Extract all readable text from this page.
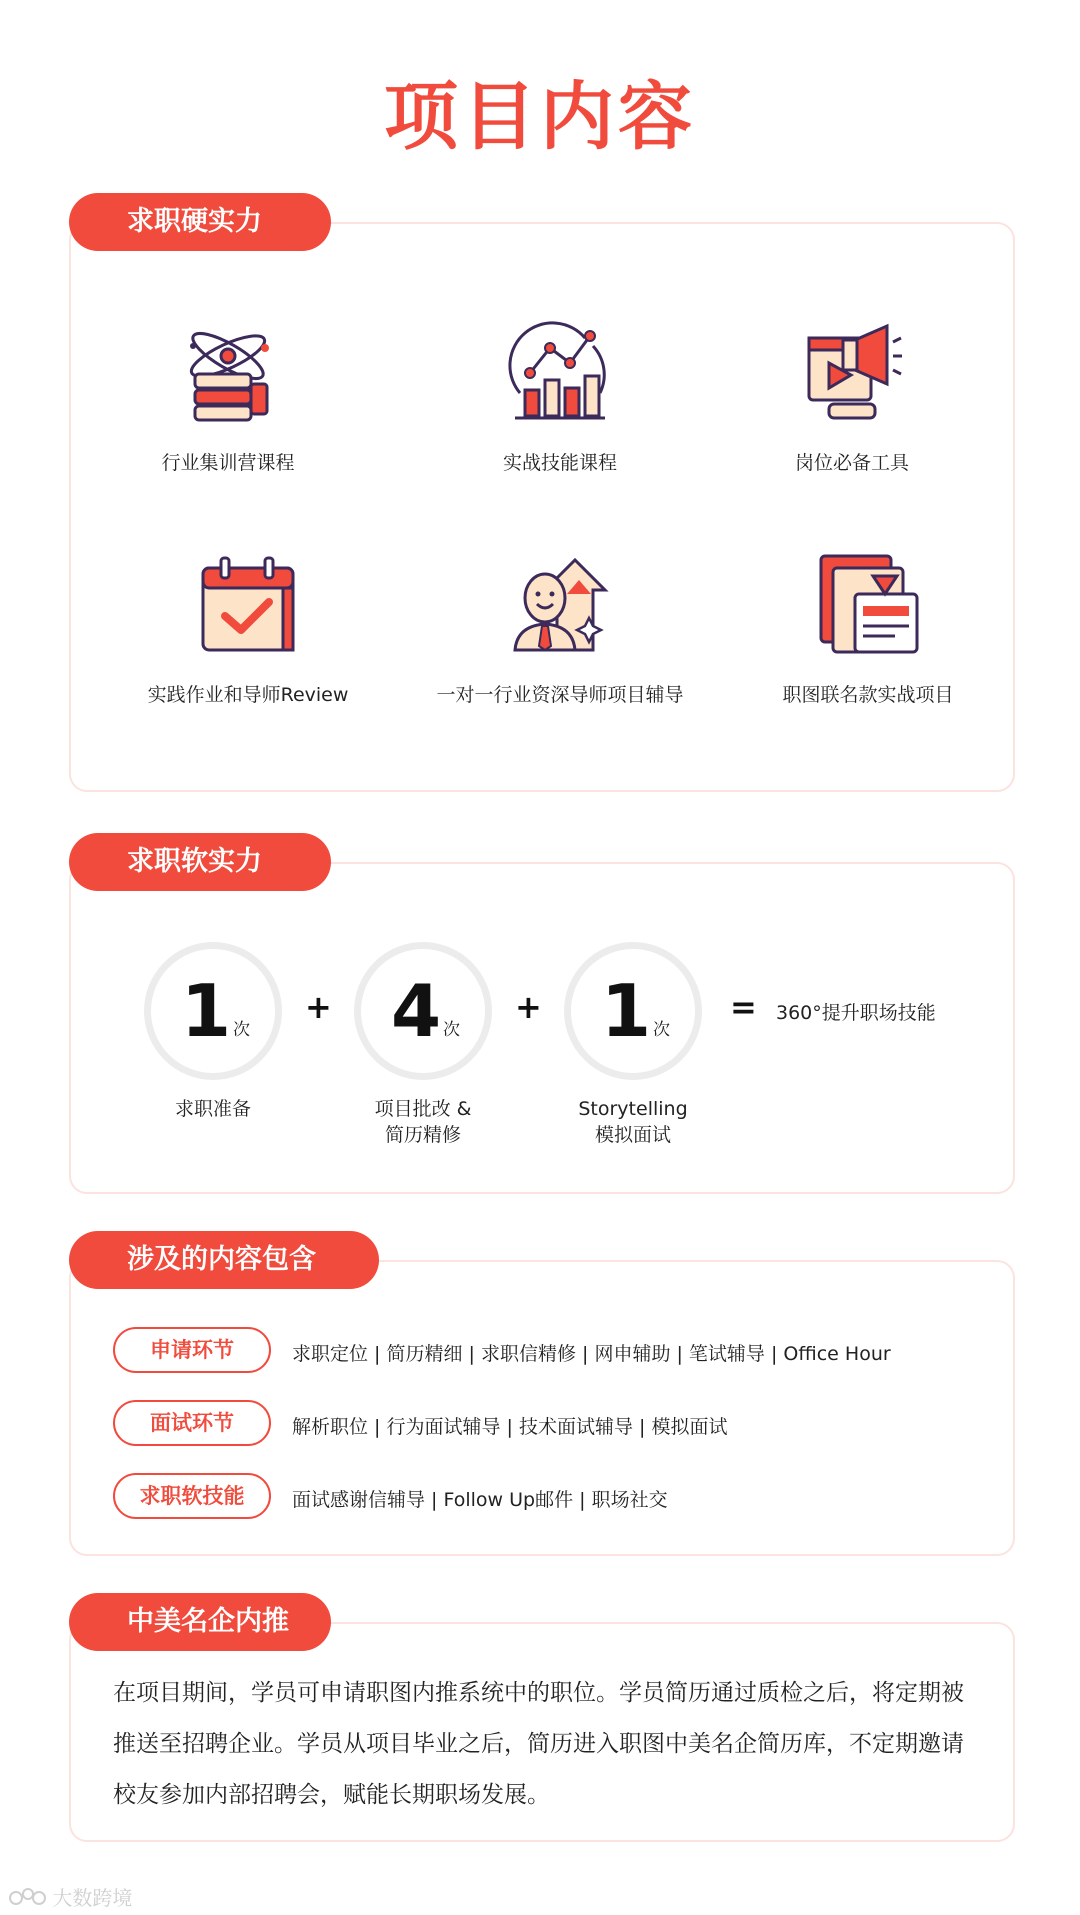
项目内容
求职硬实力
行业集训营课程	实战技能课程	岗位必备工具
实践作业和导师Review	一对一行业资深导师项目辅导	职图联名款实战项目
求职软实力
1 次
+ 4 次
+ 1 次
= 360°提升职场技能
求职准备	项目批改 &
简历精修
Storytelling
模拟面试
涉及的内容包含
申请环节	求职定位 | 简历精细 | 求职信精修 | 网申辅助 | 笔试辅导 | Office Hour
面试环节	解析职位 | 行为面试辅导 | 技术面试辅导 | 模拟面试
求职软技能	面试感谢信辅导 | Follow Up邮件 | 职场社交
中美名企内推
在项目期间，学员可申请职图内推系统中的职位。学员简历通过质检之后，将定期被
推送至招聘企业。学员从项目毕业之后，简历进入职图中美名企简历库，不定期邀请
校友参加内部招聘会，赋能长期职场发展。
大数跨境
